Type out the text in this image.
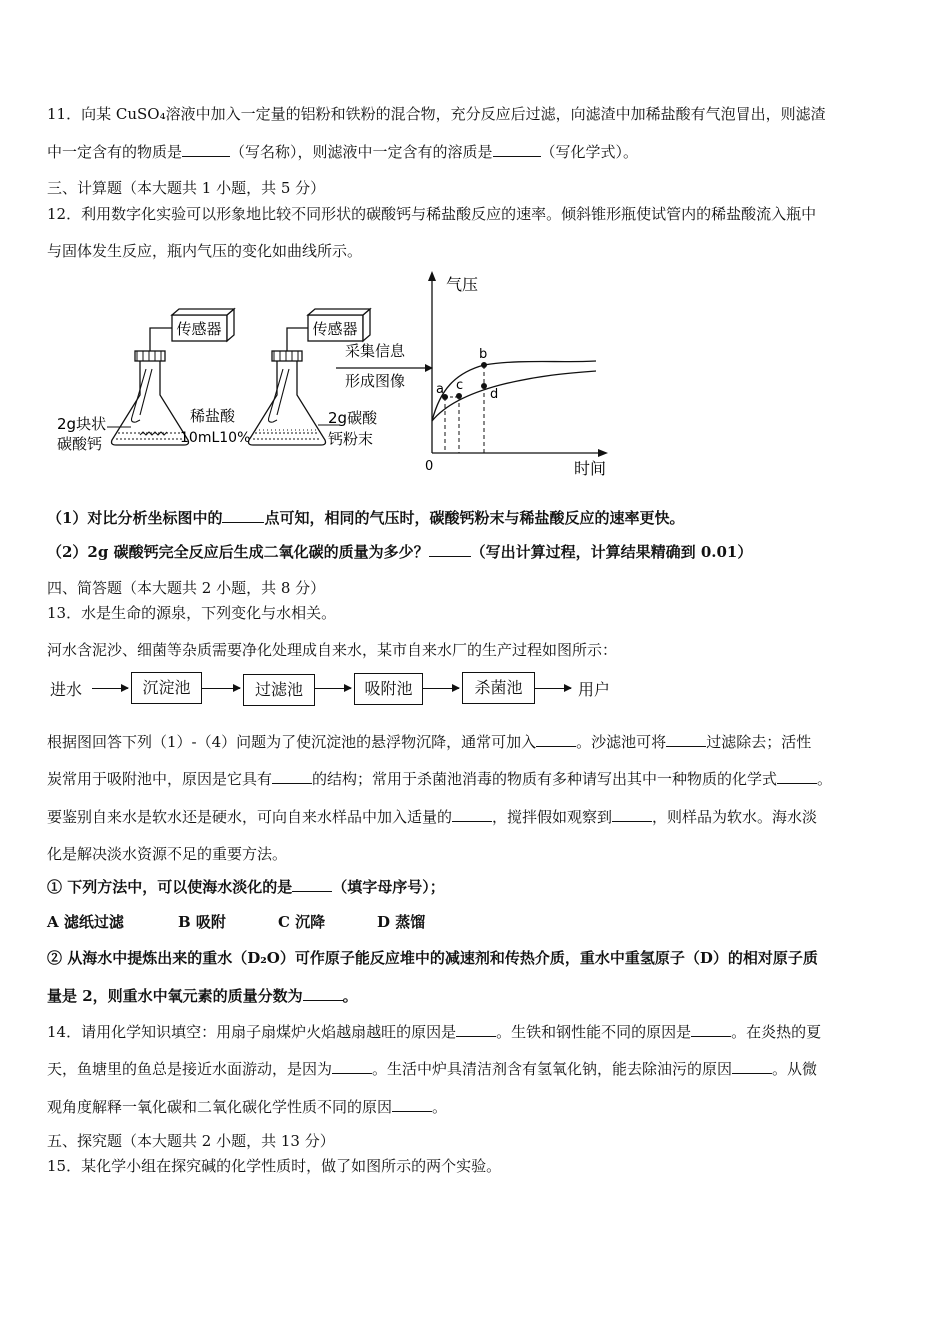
11．向某 CuSO₄溶液中加入一定量的铝粉和铁粉的混合物，充分反应后过滤，向滤渣中加稀盐酸有气泡冒出，则滤渣
中一定含有的物质是	（写名称），则滤液中一定含有的溶质是	（写化学式）。
三、计算题（本大题共 1 小题，共 5 分）
12．利用数字化实验可以形象地比较不同形状的碳酸钙与稀盐酸反应的速率。倾斜锥形瓶使试管内的稀盐酸流入瓶中
与固体发生反应，瓶内气压的变化如曲线所示。
传感器
2g块状
碳酸钙
稀盐酸
10mL10%
传感器
2g碳酸
钙粉末
采集信息
形成图像
气压
时间
0
a c
b
d
（1）对比分析坐标图中的	点可知，相同的气压时，碳酸钙粉末与稀盐酸反应的速率更快。
（2）2g 碳酸钙完全反应后生成二氧化碳的质量为多少？	（写出计算过程，计算结果精确到 0.01）
四、简答题（本大题共 2 小题，共 8 分）
13．水是生命的源泉，下列变化与水相关。
河水含泥沙、细菌等杂质需要净化处理成自来水，某市自来水厂的生产过程如图所示：
进水	沉淀池	过滤池	吸附池	杀菌池	用户
根据图回答下列（1）-（4）问题为了使沉淀池的悬浮物沉降，通常可加入	。沙滤池可将	过滤除去；活性
炭常用于吸附池中，原因是它具有	的结构；常用于杀菌池消毒的物质有多种请写出其中一种物质的化学式	。
要鉴别自来水是软水还是硬水，可向自来水样品中加入适量的	，搅拌假如观察到	，则样品为软水。海水淡
化是解决淡水资源不足的重要方法。
① 下列方法中，可以使海水淡化的是	（填字母序号）；
A 滤纸过滤	B 吸附	C 沉降	D 蒸馏
② 从海水中提炼出来的重水（D₂O）可作原子能反应堆中的减速剂和传热介质，重水中重氢原子（D）的相对原子质
量是 2，则重水中氧元素的质量分数为	。
14．请用化学知识填空：用扇子扇煤炉火焰越扇越旺的原因是	。生铁和钢性能不同的原因是	。在炎热的夏
天，鱼塘里的鱼总是接近水面游动，是因为	。生活中炉具清洁剂含有氢氧化钠，能去除油污的原因	。从微
观角度解释一氧化碳和二氧化碳化学性质不同的原因	。
五、探究题（本大题共 2 小题，共 13 分）
15．某化学小组在探究碱的化学性质时，做了如图所示的两个实验。
